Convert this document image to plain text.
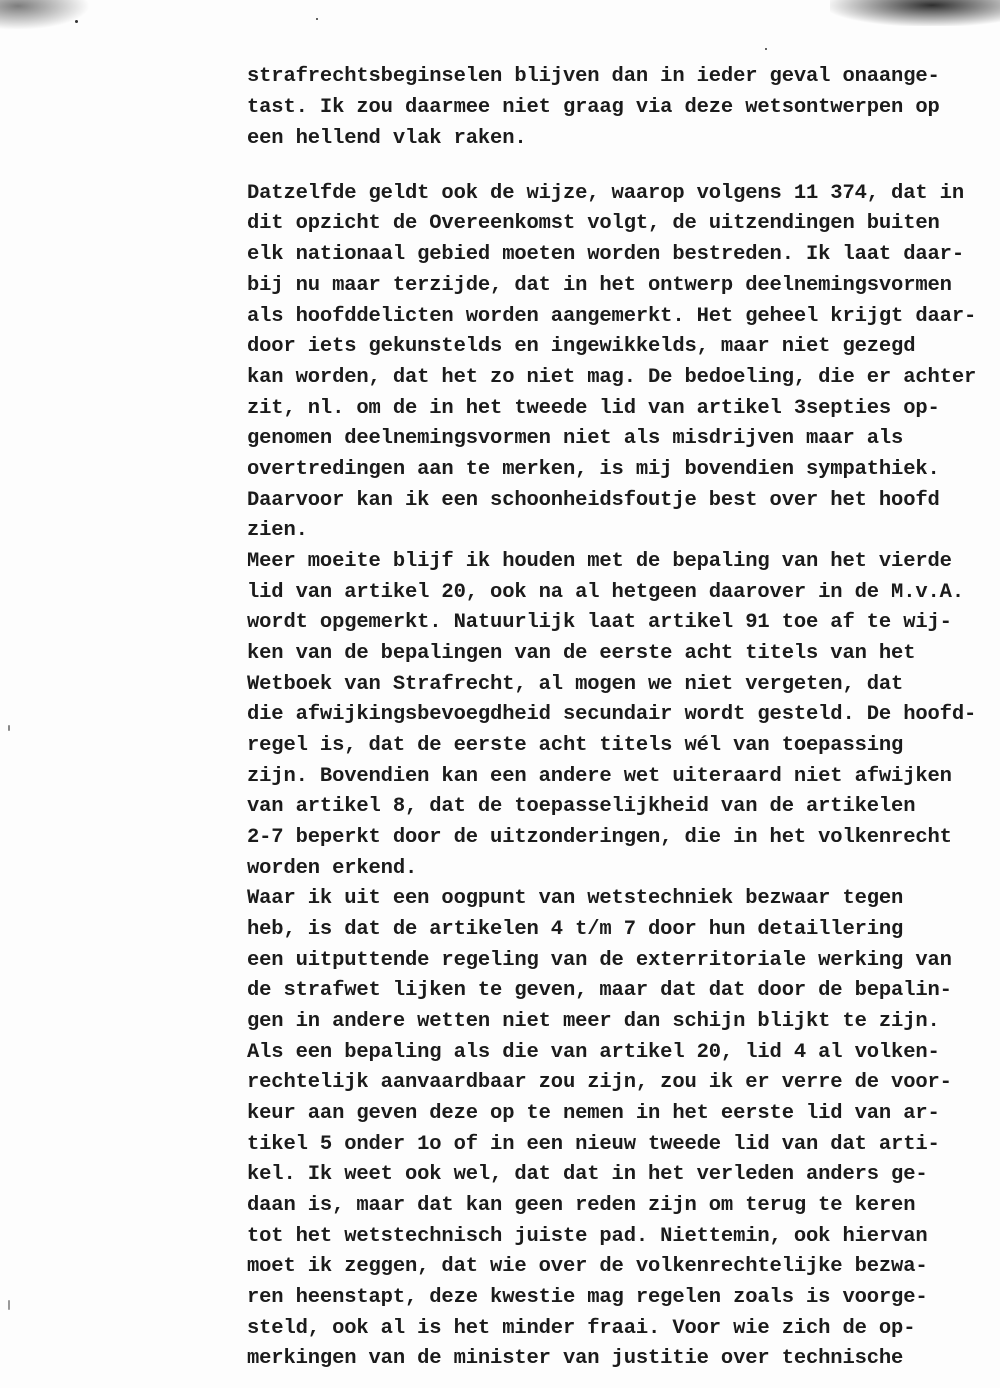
strafrechtsbeginselen blijven dan in ieder geval onaange-
tast. Ik zou daarmee niet graag via deze wetsontwerpen op
een hellend vlak raken.
Datzelfde geldt ook de wijze, waarop volgens 11 374, dat in
dit opzicht de Overeenkomst volgt, de uitzendingen buiten
elk nationaal gebied moeten worden bestreden. Ik laat daar-
bij nu maar terzijde, dat in het ontwerp deelnemingsvormen
als hoofddelicten worden aangemerkt. Het geheel krijgt daar-
door iets gekunstelds en ingewikkelds, maar niet gezegd
kan worden, dat het zo niet mag. De bedoeling, die er achter
zit, nl. om de in het tweede lid van artikel 3septies op-
genomen deelnemingsvormen niet als misdrijven maar als
overtredingen aan te merken, is mij bovendien sympathiek.
Daarvoor kan ik een schoonheidsfoutje best over het hoofd
zien.
Meer moeite blijf ik houden met de bepaling van het vierde
lid van artikel 20, ook na al hetgeen daarover in de M.v.A.
wordt opgemerkt. Natuurlijk laat artikel 91 toe af te wij-
ken van de bepalingen van de eerste acht titels van het
Wetboek van Strafrecht, al mogen we niet vergeten, dat
die afwijkingsbevoegdheid secundair wordt gesteld. De hoofd-
regel is, dat de eerste acht titels wél van toepassing
zijn. Bovendien kan een andere wet uiteraard niet afwijken
van artikel 8, dat de toepasselijkheid van de artikelen
2-7 beperkt door de uitzonderingen, die in het volkenrecht
worden erkend.
Waar ik uit een oogpunt van wetstechniek bezwaar tegen
heb, is dat de artikelen 4 t/m 7 door hun detaillering
een uitputtende regeling van de exterritoriale werking van
de strafwet lijken te geven, maar dat dat door de bepalin-
gen in andere wetten niet meer dan schijn blijkt te zijn.
Als een bepaling als die van artikel 20, lid 4 al volken-
rechtelijk aanvaardbaar zou zijn, zou ik er verre de voor-
keur aan geven deze op te nemen in het eerste lid van ar-
tikel 5 onder 1o of in een nieuw tweede lid van dat arti-
kel. Ik weet ook wel, dat dat in het verleden anders ge-
daan is, maar dat kan geen reden zijn om terug te keren
tot het wetstechnisch juiste pad. Niettemin, ook hiervan
moet ik zeggen, dat wie over de volkenrechtelijke bezwa-
ren heenstapt, deze kwestie mag regelen zoals is voorge-
steld, ook al is het minder fraai. Voor wie zich de op-
merkingen van de minister van justitie over technische
